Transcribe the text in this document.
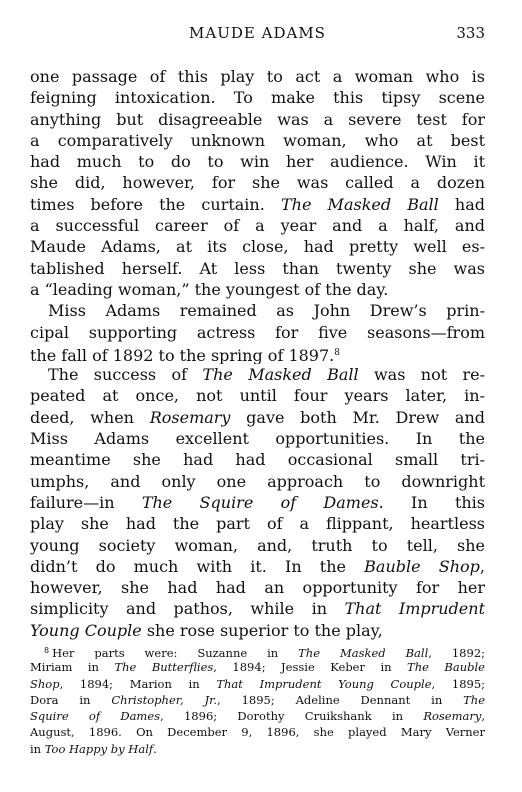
MAUDE ADAMS	333
one passage of this play to act a woman who is
feigning intoxication. To make this tipsy scene
anything but disagreeable was a severe test for
a comparatively unknown woman, who at best
had much to do to win her audience. Win it
she did, however, for she was called a dozen
times before the curtain. The Masked Ball had
a successful career of a year and a half, and
Maude Adams, at its close, had pretty well es-
tablished herself. At less than twenty she was
a “leading woman,” the youngest of the day.
Miss Adams remained as John Drew’s prin-
cipal supporting actress for five seasons—from
the fall of 1892 to the spring of 1897.$^8$
The success of The Masked Ball was not re-
peated at once, not until four years later, in-
deed, when Rosemary gave both Mr. Drew and
Miss Adams excellent opportunities. In the
meantime she had had occasional small tri-
umphs, and only one approach to downright
failure—in The Squire of Dames. In this
play she had the part of a flippant, heartless
young society woman, and, truth to tell, she
didn’t do much with it. In the Bauble Shop,
however, she had had an opportunity for her
simplicity and pathos, while in That Imprudent
Young Couple she rose superior to the play,
$^8$ Her parts were: Suzanne in The Masked Ball, 1892;
Miriam in The Butterflies, 1894; Jessie Keber in The Bauble
Shop, 1894; Marion in That Imprudent Young Couple, 1895;
Dora in Christopher, Jr., 1895; Adeline Dennant in The
Squire of Dames, 1896; Dorothy Cruikshank in Rosemary,
August, 1896. On December 9, 1896, she played Mary Verner
in Too Happy by Half.
